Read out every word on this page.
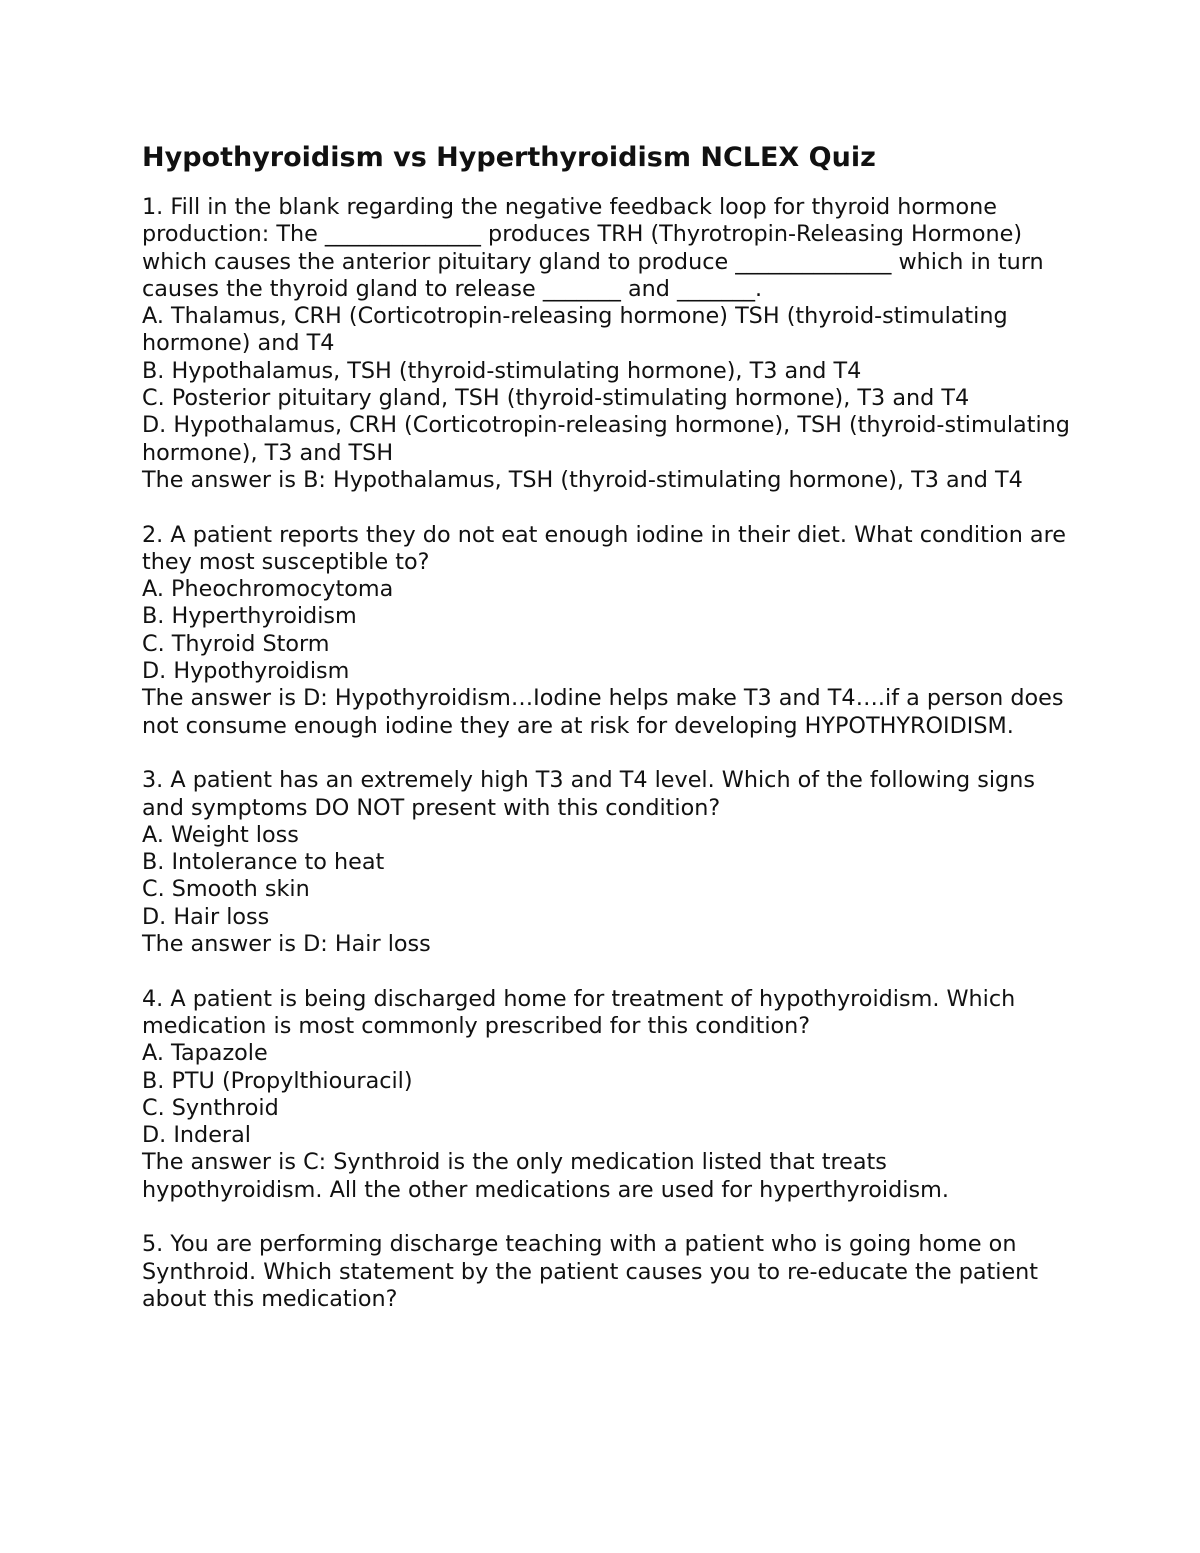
Hypothyroidism vs Hyperthyroidism NCLEX Quiz
1. Fill in the blank regarding the negative feedback loop for thyroid hormone production: The ______________ produces TRH (Thyrotropin-Releasing Hormone) which causes the anterior pituitary gland to produce ______________ which in turn causes the thyroid gland to release _______ and _______.
A. Thalamus, CRH (Corticotropin-releasing hormone) TSH (thyroid-stimulating hormone) and T4
B. Hypothalamus, TSH (thyroid-stimulating hormone), T3 and T4
C. Posterior pituitary gland, TSH (thyroid-stimulating hormone), T3 and T4
D. Hypothalamus, CRH (Corticotropin-releasing hormone), TSH (thyroid-stimulating hormone), T3 and TSH
The answer is B: Hypothalamus, TSH (thyroid-stimulating hormone), T3 and T4
2. A patient reports they do not eat enough iodine in their diet. What condition are they most susceptible to?
A. Pheochromocytoma
B. Hyperthyroidism
C. Thyroid Storm
D. Hypothyroidism
The answer is D: Hypothyroidism…Iodine helps make T3 and T4….if a person does not consume enough iodine they are at risk for developing HYPOTHYROIDISM.
3. A patient has an extremely high T3 and T4 level. Which of the following signs and symptoms DO NOT present with this condition?
A. Weight loss
B. Intolerance to heat
C. Smooth skin
D. Hair loss
The answer is D: Hair loss
4. A patient is being discharged home for treatment of hypothyroidism. Which medication is most commonly prescribed for this condition?
A. Tapazole
B. PTU (Propylthiouracil)
C. Synthroid
D. Inderal
The answer is C: Synthroid is the only medication listed that treats hypothyroidism. All the other medications are used for hyperthyroidism.
5. You are performing discharge teaching with a patient who is going home on Synthroid. Which statement by the patient causes you to re-educate the patient about this medication?
